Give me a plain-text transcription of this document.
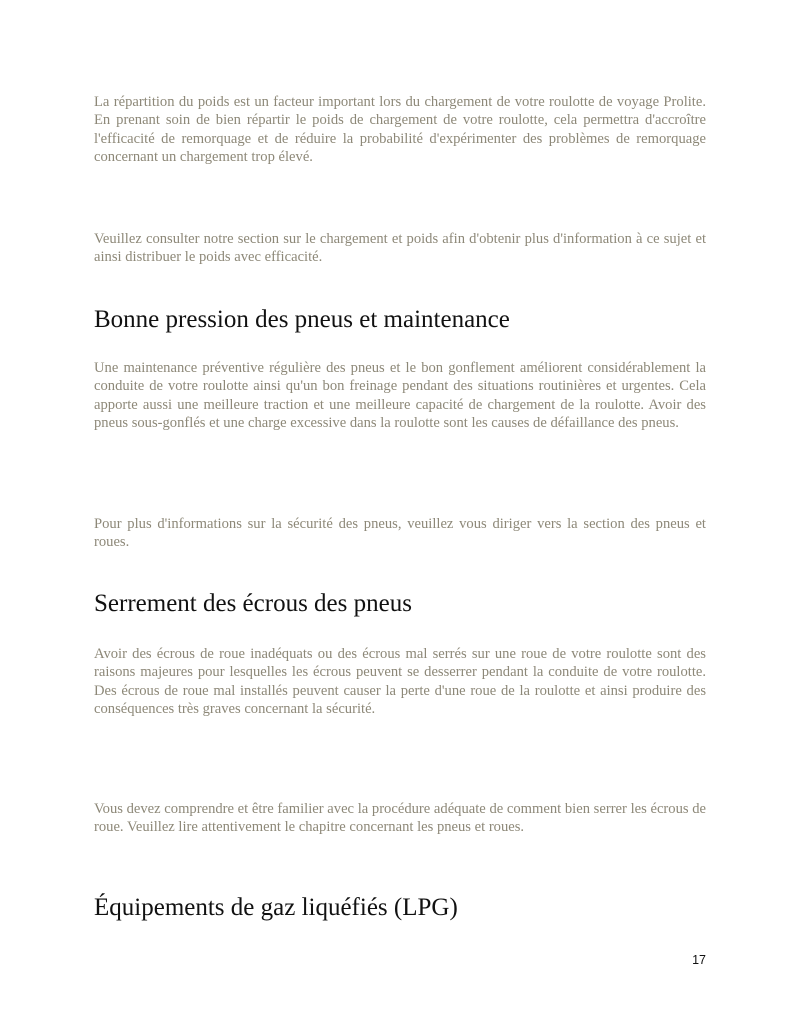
La répartition du poids est un facteur important lors du chargement de votre roulotte de voyage Prolite. En prenant soin de bien répartir le poids de chargement de votre roulotte, cela permettra d'accroître l'efficacité de remorquage et de réduire la probabilité d'expérimenter des problèmes de remorquage concernant un chargement trop élevé.

Veuillez consulter notre section sur le chargement et poids afin d'obtenir plus d'information à ce sujet et ainsi distribuer le poids avec efficacité.

Bonne pression des pneus et maintenance

Une maintenance préventive régulière des pneus et le bon gonflement améliorent considérablement la conduite de votre roulotte ainsi qu'un bon freinage pendant des situations routinières et urgentes. Cela apporte aussi une meilleure traction et une meilleure capacité de chargement de la roulotte. Avoir des pneus sous-gonflés et une charge excessive dans la roulotte sont les causes de défaillance des pneus.

Pour plus d'informations sur la sécurité des pneus, veuillez vous diriger vers la section des pneus et roues.

Serrement des écrous des pneus

Avoir des écrous de roue inadéquats ou des écrous mal serrés sur une roue de votre roulotte sont des raisons majeures pour lesquelles les écrous peuvent se desserrer pendant la conduite de votre roulotte. Des écrous de roue mal installés peuvent causer la perte d'une roue de la roulotte et ainsi produire des conséquences très graves concernant la sécurité.

Vous devez comprendre et être familier avec la procédure adéquate de comment bien serrer les écrous de roue. Veuillez lire attentivement le chapitre concernant les pneus et roues.

Équipements de gaz liquéfiés (LPG)
17
